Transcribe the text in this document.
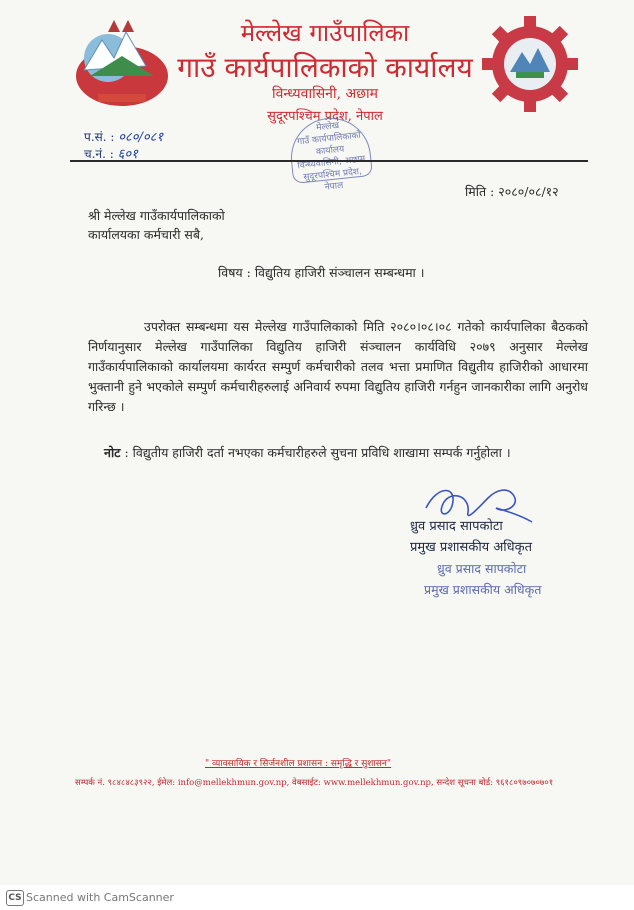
मेल्लेख गाउँपालिका
गाउँ कार्यपालिकाको कार्यालय
विन्ध्यवासिनी, अछाम
सुदूरपश्चिम प्रदेश, नेपाल
मेल्लेख
गाउँ कार्यपालिकाको
कार्यालय
विन्ध्यवासिनी, अछाम
सुदूरपश्चिम प्रदेश, नेपाल
प.सं. : ०८०/०८१
च.नं. : ६०१
मिति : २०८०/०८/१२
श्री मेल्लेख गाउँकार्यपालिकाको
कार्यालयका कर्मचारी सबै,
विषय : विद्युतिय हाजिरी संञ्चालन सम्बन्धमा ।
उपरोक्त सम्बन्धमा यस मेल्लेख गाउँपालिकाको मिति २०८०।०८।०८ गतेको कार्यपालिका बैठकको निर्णयानुसार मेल्लेख गाउँपालिका विद्युतिय हाजिरी संञ्चालन कार्यविधि २०७९ अनुसार मेल्लेख गाउँकार्यपालिकाको कार्यालयमा कार्यरत सम्पुर्ण कर्मचारीको तलव भत्ता प्रमाणित विद्युतीय हाजिरीको आधारमा भुक्तानी हुने भएकोले सम्पुर्ण कर्मचारीहरुलाई अनिवार्य रुपमा विद्युतिय हाजिरी गर्नहुन जानकारीका लागि अनुरोध गरिन्छ ।
नोट : विद्युतीय हाजिरी दर्ता नभएका कर्मचारीहरुले सुचना प्रविधि शाखामा सम्पर्क गर्नुहोला ।
ध्रुव प्रसाद सापकोटा
प्रमुख प्रशासकीय अधिकृत
ध्रुव प्रसाद सापकोटा
प्रमुख प्रशासकीय अधिकृत
" व्यावसायिक र सिर्जनशील प्रशासन : समृद्धि र सुशासन"
सम्पर्क नं. ९८४८४८३९२२, ईमेल: info@mellekhmun.gov.np, वेबसाईट: www.mellekhmun.gov.np, सन्देश सूचना बोर्ड: ९६१८०९७०७०७०१
CS Scanned with CamScanner
